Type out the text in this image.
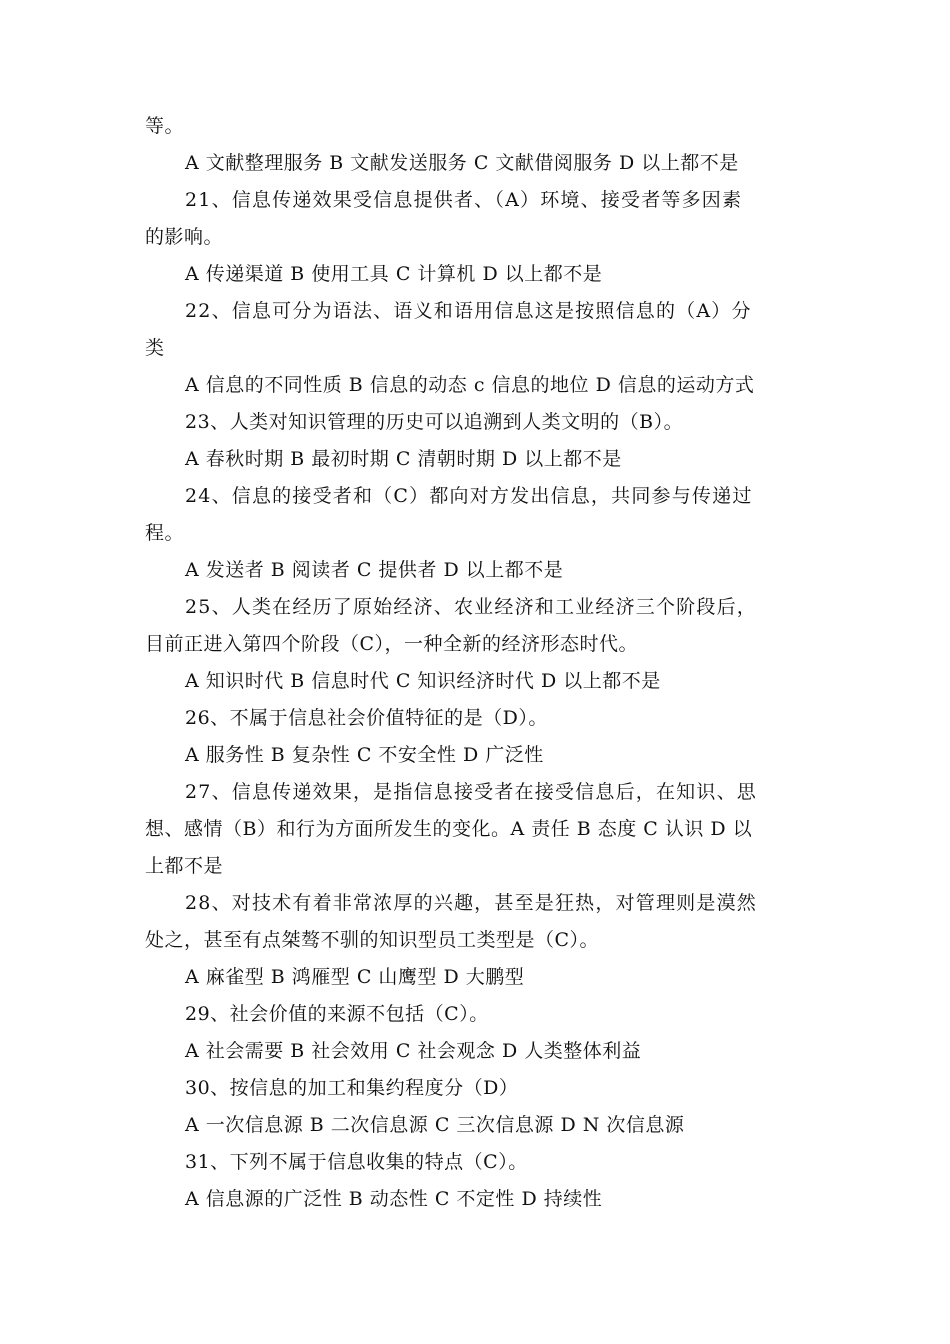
等。
A 文献整理服务 B 文献发送服务 C 文献借阅服务 D 以上都不是
21、信息传递效果受信息提供者、（A）环境、接受者等多因素
的影响。
A 传递渠道 B 使用工具 C 计算机 D 以上都不是
22、信息可分为语法、语义和语用信息这是按照信息的（A）分
类
A 信息的不同性质 B 信息的动态 c 信息的地位 D 信息的运动方式
23、人类对知识管理的历史可以追溯到人类文明的（B）。
A 春秋时期 B 最初时期 C 清朝时期 D 以上都不是
24、信息的接受者和（C）都向对方发出信息，共同参与传递过
程。
A 发送者 B 阅读者 C 提供者 D 以上都不是
25、人类在经历了原始经济、农业经济和工业经济三个阶段后，
目前正进入第四个阶段（C），一种全新的经济形态时代。
A 知识时代 B 信息时代 C 知识经济时代 D 以上都不是
26、不属于信息社会价值特征的是（D）。
A 服务性 B 复杂性 C 不安全性 D 广泛性
27、信息传递效果，是指信息接受者在接受信息后，在知识、思
想、感情（B）和行为方面所发生的变化。A 责任 B 态度 C 认识 D 以
上都不是
28、对技术有着非常浓厚的兴趣，甚至是狂热，对管理则是漠然
处之，甚至有点桀骜不驯的知识型员工类型是（C）。
A 麻雀型 B 鸿雁型 C 山鹰型 D 大鹏型
29、社会价值的来源不包括（C）。
A 社会需要 B 社会效用 C 社会观念 D 人类整体利益
30、按信息的加工和集约程度分（D）
A 一次信息源 B 二次信息源 C 三次信息源 D N 次信息源
31、下列不属于信息收集的特点（C）。
A 信息源的广泛性 B 动态性 C 不定性 D 持续性
